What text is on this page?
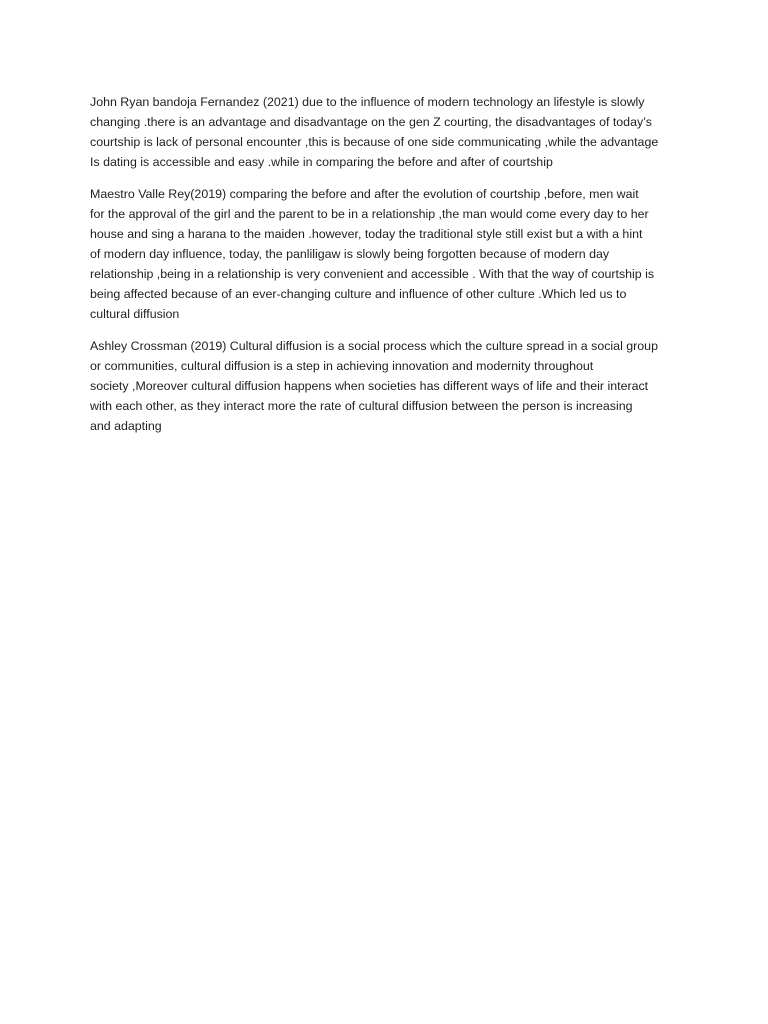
John Ryan bandoja Fernandez (2021) due to the influence of modern technology an lifestyle is slowly
changing .there is an advantage and disadvantage on the gen Z courting, the disadvantages of today’s
courtship is lack of personal encounter ,this is because of one side communicating ,while the advantage
Is dating is accessible and easy .while in comparing the before and after of courtship

Maestro Valle Rey(2019) comparing the before and after the evolution of courtship ,before, men wait
for the approval of the girl and the parent to be in a relationship ,the man would come every day to her
house and sing a harana to the maiden .however, today the traditional style still exist but a with a hint
of modern day influence, today, the panliligaw is slowly being forgotten because of modern day
relationship ,being in a relationship is very convenient and accessible . With that the way of courtship is
being affected because of an ever-changing culture and influence of other culture .Which led us to
cultural diffusion

Ashley Crossman (2019) Cultural diffusion is a social process which the culture spread in a social group
or communities, cultural diffusion is a step in achieving innovation and modernity throughout
society ,Moreover cultural diffusion happens when societies has different ways of life and their interact
with each other, as they interact more the rate of cultural diffusion between the person is increasing
and adapting
